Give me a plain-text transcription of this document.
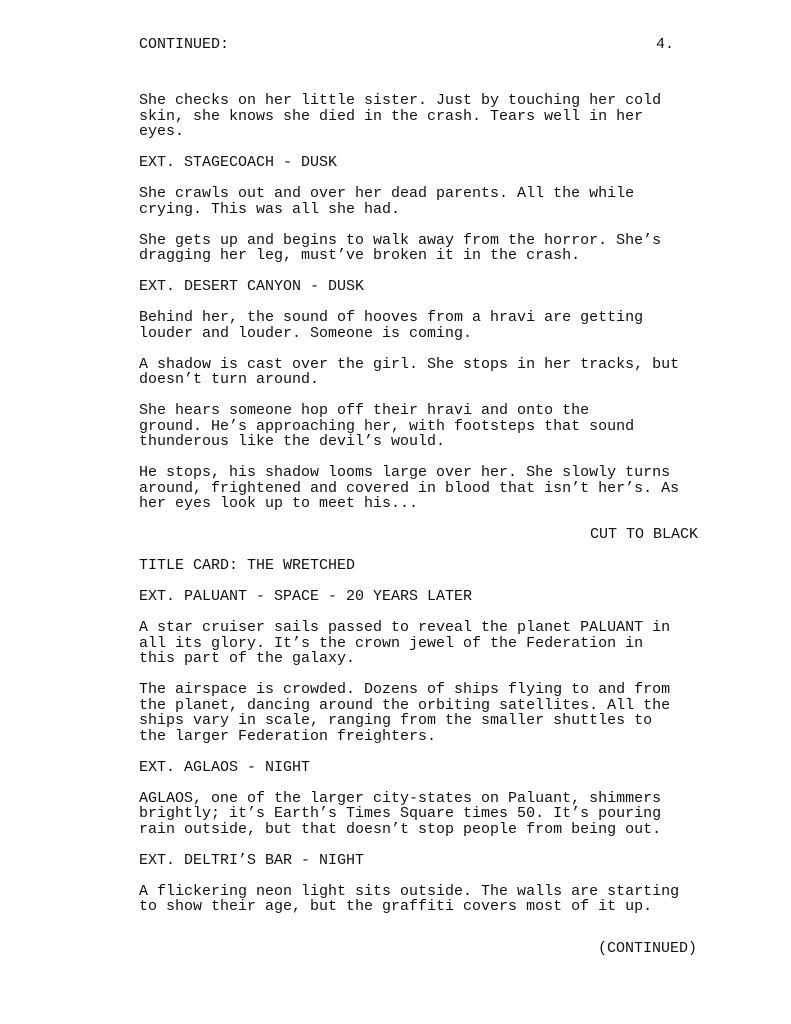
CONTINUED:	4.

She checks on her little sister. Just by touching her cold
skin, she knows she died in the crash. Tears well in her
eyes.

EXT. STAGECOACH - DUSK

She crawls out and over her dead parents. All the while
crying. This was all she had.

She gets up and begins to walk away from the horror. She’s
dragging her leg, must’ve broken it in the crash.

EXT. DESERT CANYON - DUSK

Behind her, the sound of hooves from a hravi are getting
louder and louder. Someone is coming.

A shadow is cast over the girl. She stops in her tracks, but
doesn’t turn around.

She hears someone hop off their hravi and onto the
ground. He’s approaching her, with footsteps that sound
thunderous like the devil’s would.

He stops, his shadow looms large over her. She slowly turns
around, frightened and covered in blood that isn’t her’s. As
her eyes look up to meet his...

CUT TO BLACK

TITLE CARD: THE WRETCHED

EXT. PALUANT - SPACE - 20 YEARS LATER

A star cruiser sails passed to reveal the planet PALUANT in
all its glory. It’s the crown jewel of the Federation in
this part of the galaxy.

The airspace is crowded. Dozens of ships flying to and from
the planet, dancing around the orbiting satellites. All the
ships vary in scale, ranging from the smaller shuttles to
the larger Federation freighters.

EXT. AGLAOS - NIGHT

AGLAOS, one of the larger city-states on Paluant, shimmers
brightly; it’s Earth’s Times Square times 50. It’s pouring
rain outside, but that doesn’t stop people from being out.

EXT. DELTRI’S BAR - NIGHT

A flickering neon light sits outside. The walls are starting
to show their age, but the graffiti covers most of it up.

(CONTINUED)
